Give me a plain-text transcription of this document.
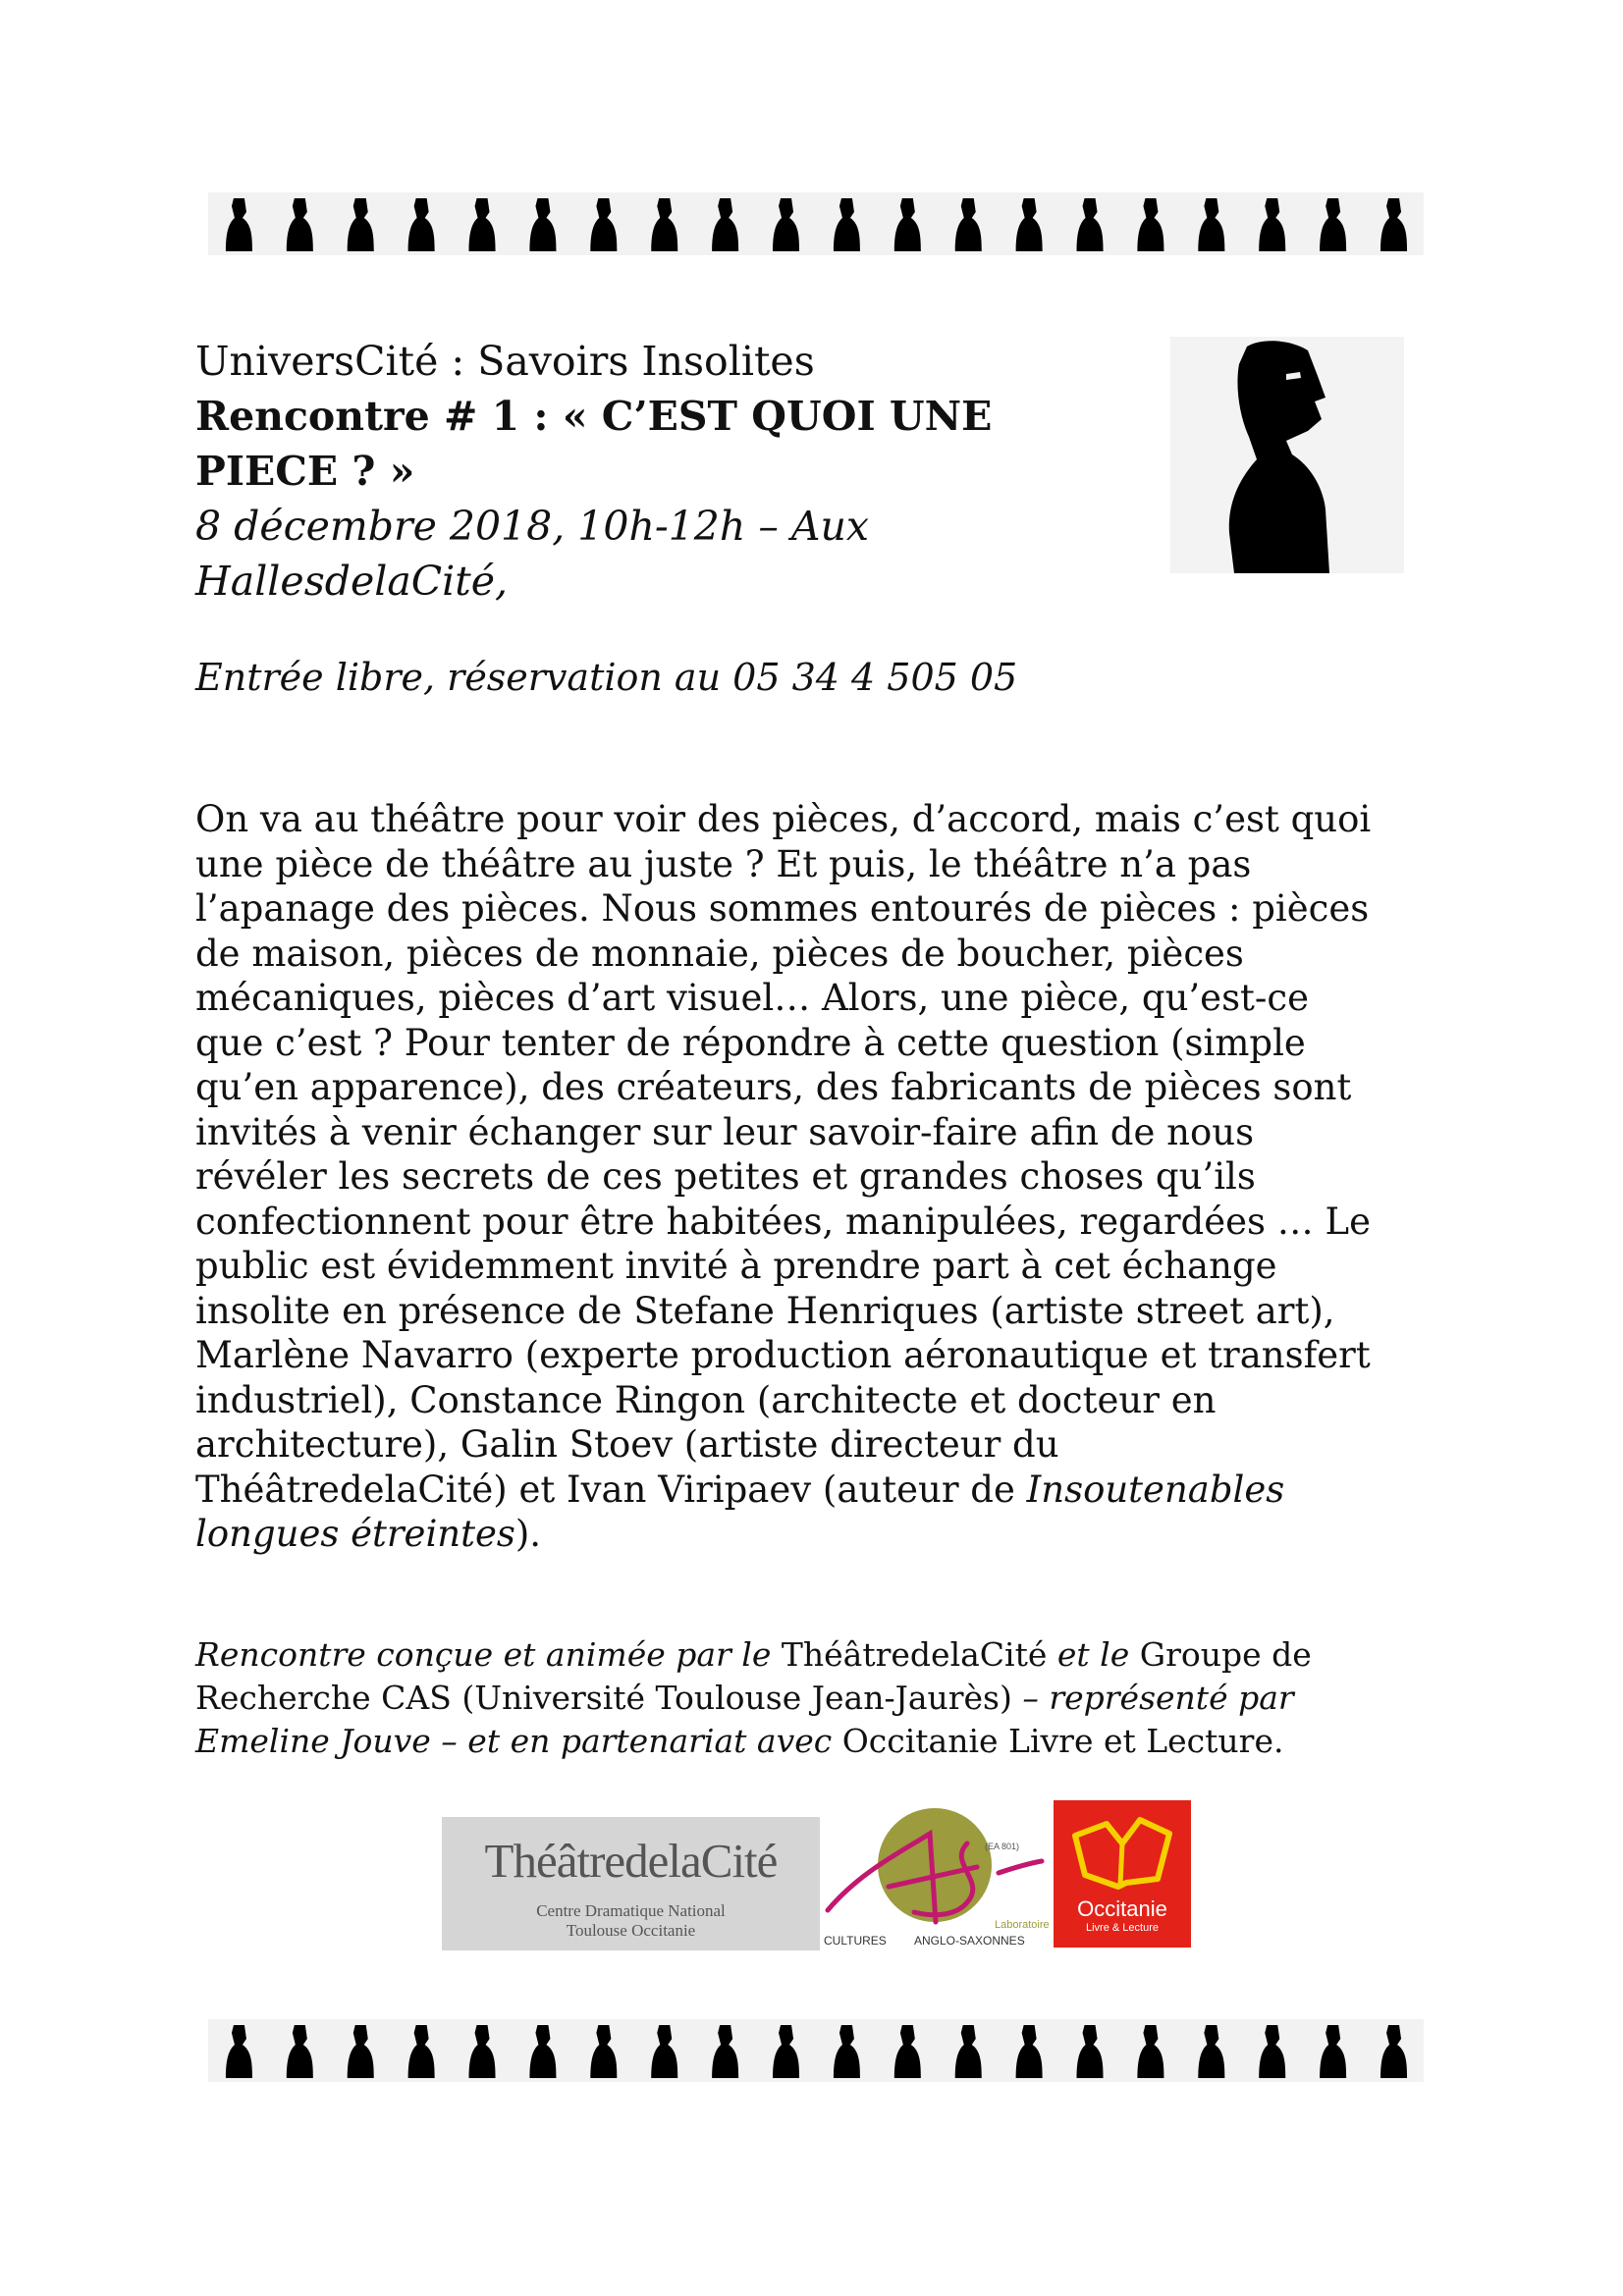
UniversCité : Savoirs Insolites

Rencontre # 1 : « C’EST QUOI UNE

PIECE ? »

8 décembre 2018, 10h-12h – Aux

HallesdelaCité,

Entrée libre, réservation au 05 34 4 505 05
On va au théâtre pour voir des pièces, d’accord, mais c’est quoi
une pièce de théâtre au juste ? Et puis, le théâtre n’a pas
l’apanage des pièces. Nous sommes entourés de pièces : pièces
de maison, pièces de monnaie, pièces de boucher, pièces
mécaniques, pièces d’art visuel… Alors, une pièce, qu’est-ce
que c’est ? Pour tenter de répondre à cette question (simple
qu’en apparence), des créateurs, des fabricants de pièces sont
invités à venir échanger sur leur savoir-faire afin de nous
révéler les secrets de ces petites et grandes choses qu’ils
confectionnent pour être habitées, manipulées, regardées … Le
public est évidemment invité à prendre part à cet échange
insolite en présence de Stefane Henriques (artiste street art),
Marlène Navarro (experte production aéronautique et transfert
industriel), Constance Ringon (architecte et docteur en
architecture), Galin Stoev (artiste directeur du
ThéâtredelaCité) et Ivan Viripaev (auteur de Insoutenables
longues étreintes).
Rencontre conçue et animée par le ThéâtredelaCité et le Groupe de
Recherche CAS (Université Toulouse Jean-Jaurès) – représenté par
Emeline Jouve – et en partenariat avec Occitanie Livre et Lecture.
ThéâtredelaCité
Centre Dramatique National
Toulouse Occitanie
(EA 801)
Laboratoire
CULTURES ANGLO-SAXONNES
Occitanie
Livre & Lecture
